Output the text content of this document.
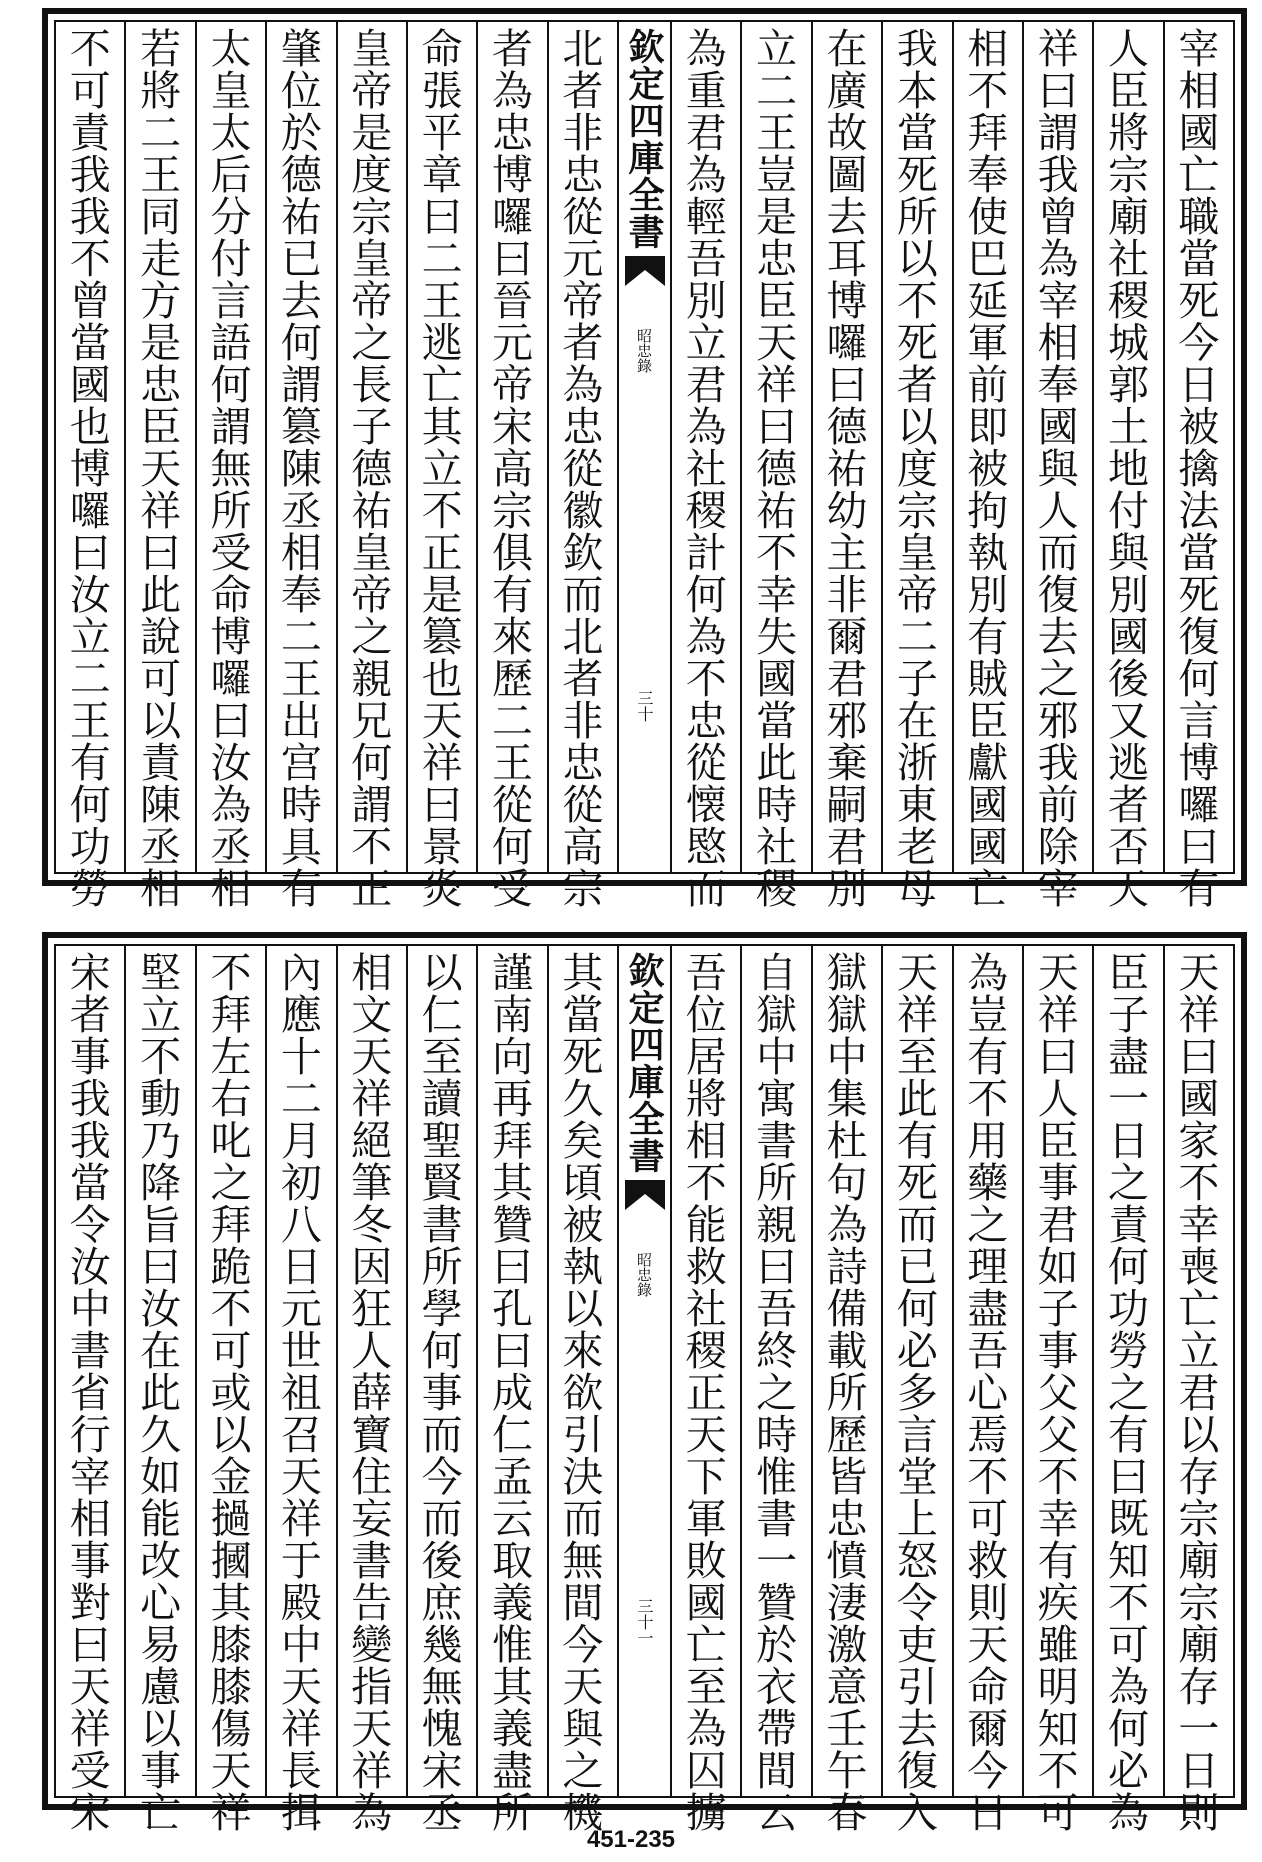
宰
相
國
亡
職
當
死
今
日
被
擒
法
當
死
復
何
言
博
囉
曰
有
人
臣
將
宗
廟
社
稷
城
郭
土
地
付
與
別
國
後
又
逃
者
否
天
祥
曰
謂
我
曾
為
宰
相
奉
國
與
人
而
復
去
之
邪
我
前
除
宰
相
不
拜
奉
使
巴
延
軍
前
即
被
拘
執
別
有
賊
臣
獻
國
國
亡
我
本
當
死
所
以
不
死
者
以
度
宗
皇
帝
二
子
在
浙
東
老
母
在
廣
故
圖
去
耳
博
囉
曰
德
祐
幼
主
非
爾
君
邪
棄
嗣
君
別
立
二
王
豈
是
忠
臣
天
祥
曰
德
祐
不
幸
失
國
當
此
時
社
稷
為
重
君
為
輕
吾
別
立
君
為
社
稷
計
何
為
不
忠
從
懐
愍
而
欽定四庫全書
昭忠錄
三十
北
者
非
忠
從
元
帝
者
為
忠
從
徽
欽
而
北
者
非
忠
從
高
宗
者
為
忠
博
囉
曰
晉
元
帝
宋
高
宗
俱
有
來
歷
二
王
從
何
受
命
張
平
章
曰
二
王
逃
亡
其
立
不
正
是
篡
也
天
祥
曰
景
炎
皇
帝
是
度
宗
皇
帝
之
長
子
德
祐
皇
帝
之
親
兄
何
謂
不
正
肇
位
於
德
祐
已
去
何
謂
篡
陳
丞
相
奉
二
王
出
宫
時
具
有
太
皇
太
后
分
付
言
語
何
謂
無
所
受
命
博
囉
曰
汝
為
丞
相
若
將
二
王
同
走
方
是
忠
臣
天
祥
曰
此
說
可
以
責
陳
丞
相
不
可
責
我
我
不
曾
當
國
也
博
囉
曰
汝
立
二
王
有
何
功
勞
天
祥
曰
國
家
不
幸
喪
亡
立
君
以
存
宗
廟
宗
廟
存
一
日
則
臣
子
盡
一
日
之
責
何
功
勞
之
有
曰
既
知
不
可
為
何
必
為
天
祥
曰
人
臣
事
君
如
子
事
父
父
不
幸
有
疾
雖
明
知
不
可
為
豈
有
不
用
藥
之
理
盡
吾
心
焉
不
可
救
則
天
命
爾
今
日
天
祥
至
此
有
死
而
已
何
必
多
言
堂
上
怒
令
吏
引
去
復
入
獄
獄
中
集
杜
句
為
詩
備
載
所
歷
皆
忠
憤
淒
激
意
壬
午
春
自
獄
中
寓
書
所
親
曰
吾
終
之
時
惟
書
一
贊
於
衣
帶
間
云
吾
位
居
將
相
不
能
救
社
稷
正
天
下
軍
敗
國
亡
至
為
囚
擄
欽定四庫全書
昭忠錄
三十一
其
當
死
久
矣
頃
被
執
以
來
欲
引
決
而
無
間
今
天
與
之
機
謹
南
向
再
拜
其
贊
曰
孔
曰
成
仁
孟
云
取
義
惟
其
義
盡
所
以
仁
至
讀
聖
賢
書
所
學
何
事
而
今
而
後
庶
幾
無
愧
宋
丞
相
文
天
祥
絕
筆
冬
因
狂
人
薛
寶
住
妄
書
告
變
指
天
祥
為
內
應
十
二
月
初
八
日
元
世
祖
召
天
祥
于
殿
中
天
祥
長
揖
不
拜
左
右
叱
之
拜
跪
不
可
或
以
金
撾
摑
其
膝
膝
傷
天
祥
堅
立
不
動
乃
降
旨
曰
汝
在
此
久
如
能
改
心
易
慮
以
事
亡
宋
者
事
我
我
當
令
汝
中
書
省
行
宰
相
事
對
曰
天
祥
受
宋
451-235
